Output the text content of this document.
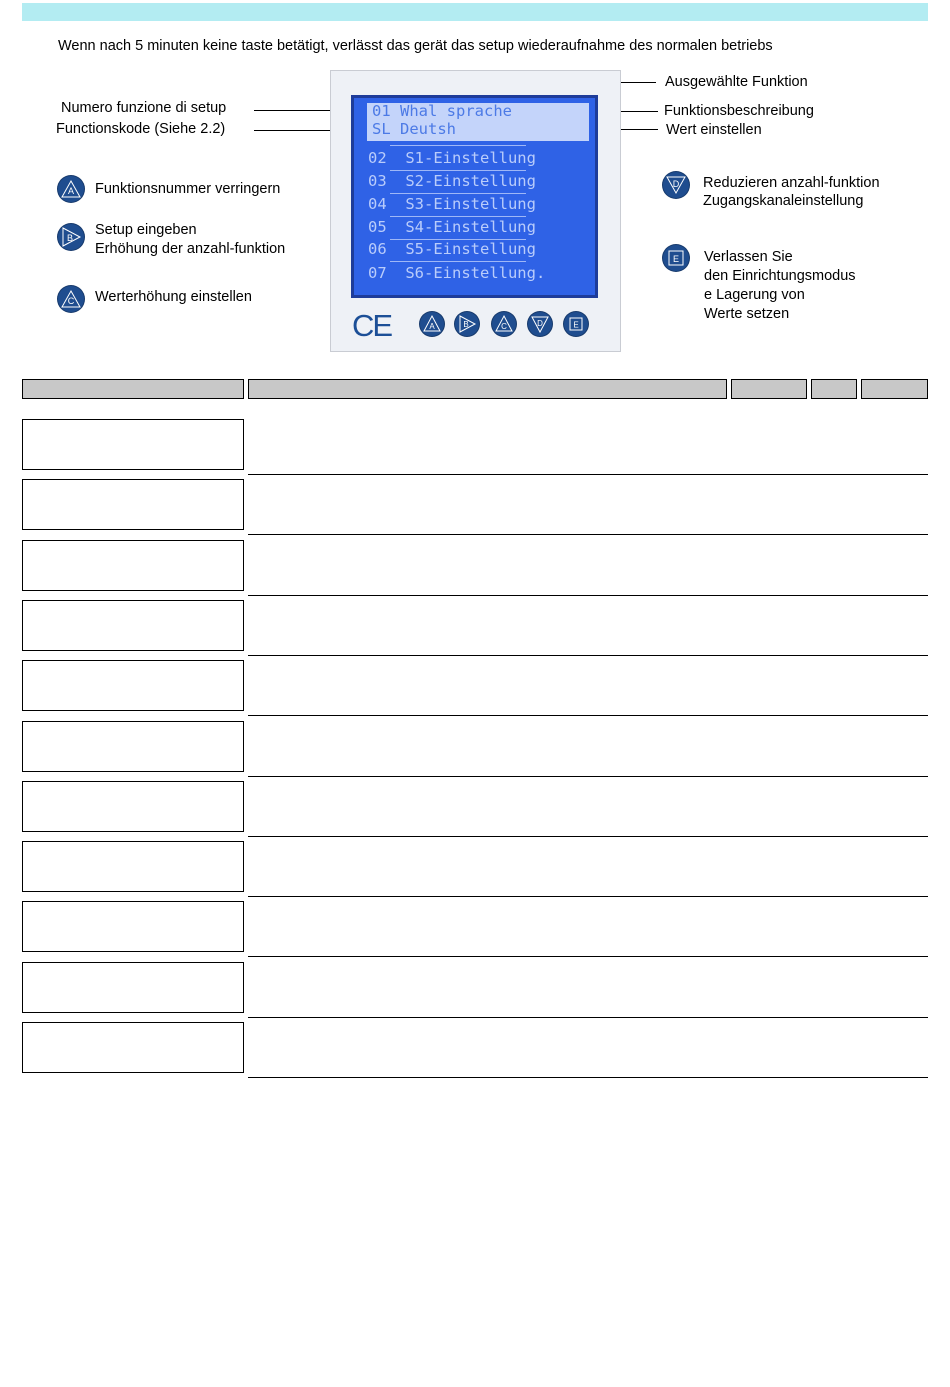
Wenn nach 5 minuten keine taste betätigt, verlässt das gerät das setup wiederaufnahme des normalen betriebs
Numero funzione di setup
Functionskode (Siehe 2.2)
Ausgewählte Funktion
Funktionsbeschreibung
Wert einstellen
A Funktionsnummer verringern
B Setup eingeben
Erhöhung der anzahl-funktion
C Werterhöhung einstellen
D Reduzieren anzahl-funktion
Zugangskanaleinstellung
E Verlassen Sie
den Einrichtungsmodus
e Lagerung von
Werte setzen
01 Whal sprache
SL Deutsh
02  S1-Einstellung
03  S2-Einstellung
04  S3-Einstellung
05  S4-Einstellung
06  S5-Einstellung
07  S6-Einstellung.
CE	A	B	C	D	E
